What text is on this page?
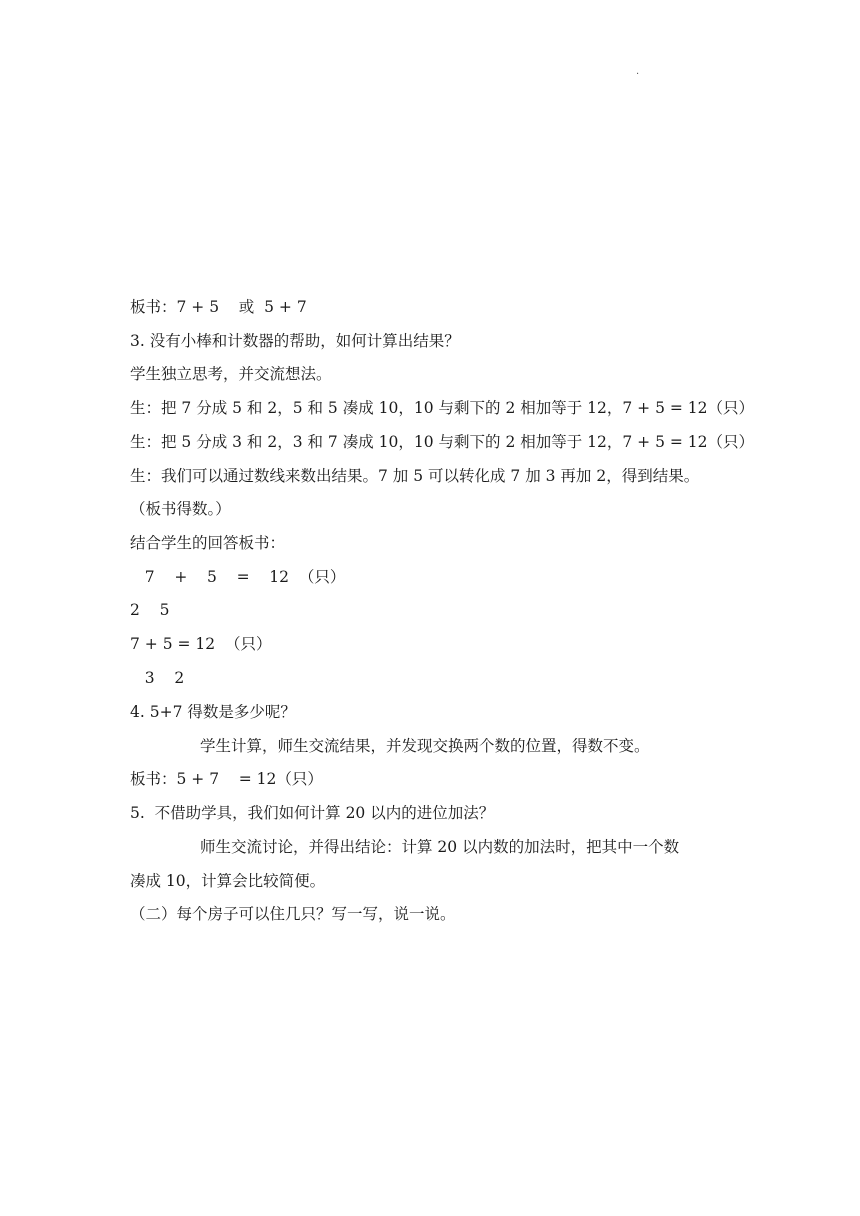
.
板书：7 + 5    或  5 + 7
3. 没有小棒和计数器的帮助，如何计算出结果？
学生独立思考，并交流想法。
生：把 7 分成 5 和 2，5 和 5 凑成 10，10 与剩下的 2 相加等于 12，7 + 5 = 12（只）
生：把 5 分成 3 和 2，3 和 7 凑成 10，10 与剩下的 2 相加等于 12，7 + 5 = 12（只）
生：我们可以通过数线来数出结果。7 加 5 可以转化成 7 加 3 再加 2，得到结果。
（板书得数。）
结合学生的回答板书：
7    +    5    =    12  （只）
2    5
7 + 5 = 12  （只）
3    2
4. 5+7 得数是多少呢？
学生计算，师生交流结果，并发现交换两个数的位置，得数不变。
板书：5 + 7    = 12（只）
5.  不借助学具，我们如何计算 20 以内的进位加法？
师生交流讨论，并得出结论：计算 20 以内数的加法时，把其中一个数
凑成 10，计算会比较简便。
（二）每个房子可以住几只？写一写，说一说。
